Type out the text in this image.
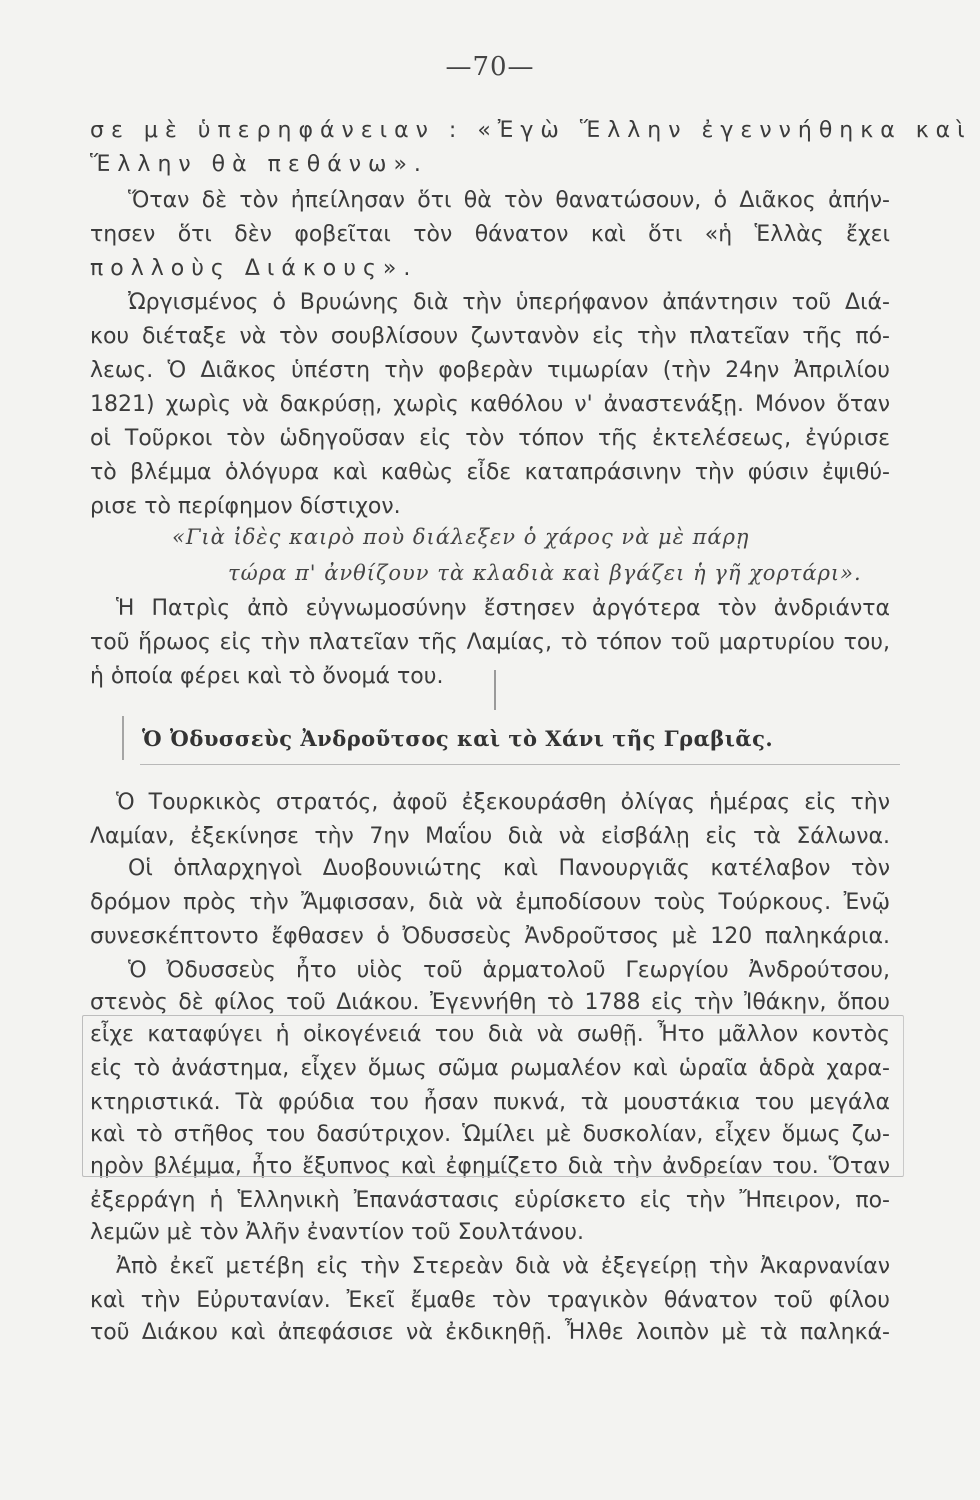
—70—
σε μὲ ὑπερηφάνειαν : «Ἐγὼ Ἕλλην ἐγεννήθηκα καὶ
Ἕλλην θὰ πεθάνω».
Ὅταν δὲ τὸν ἠπείλησαν ὅτι θὰ τὸν θανατώσουν, ὁ Διᾶκος ἀπήν-
τησεν ὅτι δὲν φοβεῖται τὸν θάνατον καὶ ὅτι «ἡ Ἑλλὰς ἔχει
πολλοὺς Διάκους».
Ὠργισμένος ὁ Βρυώνης διὰ τὴν ὑπερήφανον ἀπάντησιν τοῦ Διά-
κου διέταξε νὰ τὸν σουβλίσουν ζωντανὸν εἰς τὴν πλατεῖαν τῆς πό-
λεως. Ὁ Διᾶκος ὑπέστη τὴν φοβερὰν τιμωρίαν (τὴν 24ην Ἀπριλίου
1821) χωρὶς νὰ δακρύσῃ, χωρὶς καθόλου ν' ἀναστενάξῃ. Μόνον ὅταν
οἱ Τοῦρκοι τὸν ὡδηγοῦσαν εἰς τὸν τόπον τῆς ἐκτελέσεως, ἐγύρισε
τὸ βλέμμα ὁλόγυρα καὶ καθὼς εἶδε καταπράσινην τὴν φύσιν ἐψιθύ-
ρισε τὸ περίφημον δίστιχον.
«Γιὰ ἰδὲς καιρὸ ποὺ διάλεξεν ὁ χάρος νὰ μὲ πάρῃ
τώρα π' ἀνθίζουν τὰ κλαδιὰ καὶ βγάζει ἡ γῆ χορτάρι».
Ἡ Πατρὶς ἀπὸ εὐγνωμοσύνην ἔστησεν ἀργότερα τὸν ἀνδριάντα
τοῦ ἥρωος εἰς τὴν πλατεῖαν τῆς Λαμίας, τὸ τόπον τοῦ μαρτυρίου του,
ἡ ὁποία φέρει καὶ τὸ ὄνομά του.
Ὁ Ὀδυσσεὺς Ἀνδροῦτσος καὶ τὸ Χάνι τῆς Γραβιᾶς.
Ὁ Τουρκικὸς στρατός, ἀφοῦ ἐξεκουράσθη ὀλίγας ἡμέρας εἰς τὴν
Λαμίαν, ἐξεκίνησε τὴν 7ην Μαΐου διὰ νὰ εἰσβάλῃ εἰς τὰ Σάλωνα.
Οἱ ὁπλαρχηγοὶ Δυοβουνιώτης καὶ Πανουργιᾶς κατέλαβον τὸν
δρόμον πρὸς τὴν Ἄμφισσαν, διὰ νὰ ἐμποδίσουν τοὺς Τούρκους. Ἐνῷ
συνεσκέπτοντο ἔφθασεν ὁ Ὀδυσσεὺς Ἀνδροῦτσος μὲ 120 παληκάρια.
Ὁ Ὀδυσσεὺς ἦτο υἱὸς τοῦ ἁρματολοῦ Γεωργίου Ἀνδρούτσου,
στενὸς δὲ φίλος τοῦ Διάκου. Ἐγεννήθη τὸ 1788 εἰς τὴν Ἰθάκην, ὅπου
εἶχε καταφύγει ἡ οἰκογένειά του διὰ νὰ σωθῇ. Ἦτο μᾶλλον κοντὸς
εἰς τὸ ἀνάστημα, εἶχεν ὅμως σῶμα ρωμαλέον καὶ ὡραῖα ἁδρὰ χαρα-
κτηριστικά. Τὰ φρύδια του ἦσαν πυκνά, τὰ μουστάκια του μεγάλα
καὶ τὸ στῆθος του δασύτριχον. Ὡμίλει μὲ δυσκολίαν, εἶχεν ὅμως ζω-
ηρὸν βλέμμα, ἦτο ἔξυπνος καὶ ἐφημίζετο διὰ τὴν ἀνδρείαν του. Ὅταν
ἐξερράγη ἡ Ἑλληνικὴ Ἐπανάστασις εὑρίσκετο εἰς τὴν Ἤπειρον, πο-
λεμῶν μὲ τὸν Ἀλῆν ἐναντίον τοῦ Σουλτάνου.
Ἀπὸ ἐκεῖ μετέβη εἰς τὴν Στερεὰν διὰ νὰ ἐξεγείρῃ τὴν Ἀκαρνανίαν
καὶ τὴν Εὐρυτανίαν. Ἐκεῖ ἔμαθε τὸν τραγικὸν θάνατον τοῦ φίλου
τοῦ Διάκου καὶ ἀπεφάσισε νὰ ἐκδικηθῇ. Ἦλθε λοιπὸν μὲ τὰ παληκά-
